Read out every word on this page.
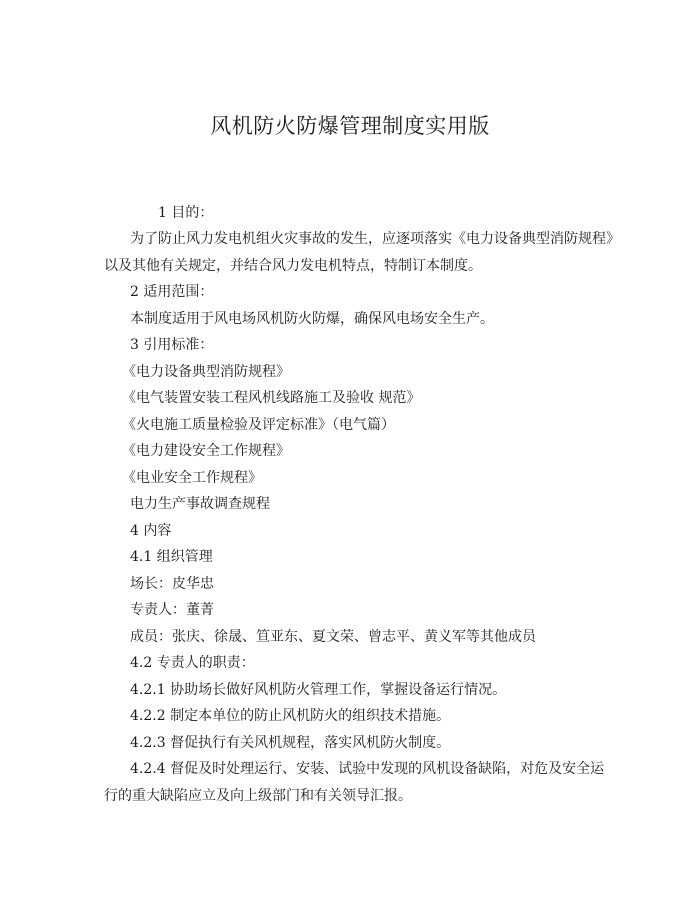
风机防火防爆管理制度实用版
1 目的：
为了防止风力发电机组火灾事故的发生，应逐项落实《电力设备典型消防规程》
以及其他有关规定，并结合风力发电机特点，特制订本制度。
2 适用范围：
本制度适用于风电场风机防火防爆，确保风电场安全生产。
3 引用标准：
《电力设备典型消防规程》
《电气装置安装工程风机线路施工及验收 规范》
《火电施工质量检验及评定标准》（电气篇）
《电力建设安全工作规程》
《电业安全工作规程》
电力生产事故调查规程
4 内容
4.1 组织管理
场长：皮华忠
专责人：董菁
成员：张庆、徐晟、笪亚东、夏文荣、曾志平、黄义军等其他成员
4.2 专责人的职责：
4.2.1 协助场长做好风机防火管理工作，掌握设备运行情况。
4.2.2 制定本单位的防止风机防火的组织技术措施。
4.2.3 督促执行有关风机规程，落实风机防火制度。
4.2.4 督促及时处理运行、安装、试验中发现的风机设备缺陷，对危及安全运
行的重大缺陷应立及向上级部门和有关领导汇报。
